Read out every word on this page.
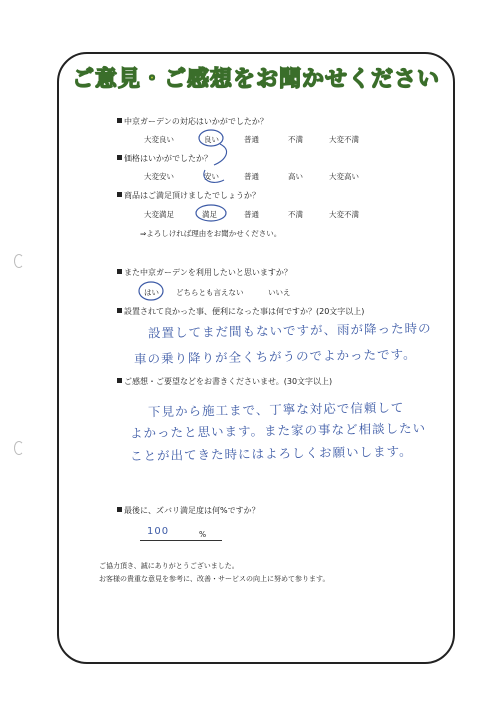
ご意見・ご感想をお聞かせください
中京ガーデンの対応はいかがでしたか？
大変良い	良い	普通	不満	大変不満
価格はいかがでしたか？
大変安い	安い	普通	高い	大変高い
商品はご満足頂けましたでしょうか？
大変満足	満足	普通	不満	大変不満
⇒よろしければ理由をお聞かせください。
また中京ガーデンを利用したいと思いますか？
はい どちらとも言えない	いいえ
設置されて良かった事、便利になった事は何ですか？(20文字以上)
設置してまだ間もないですが、雨が降った時の
車の乗り降りが全くちがうのでよかったです。
ご感想・ご要望などをお書きくださいませ。(30文字以上)
下見から施工まで、丁寧な対応で信頼して
よかったと思います。また家の事など相談したい
ことが出てきた時にはよろしくお願いします。
最後に、ズバリ満足度は何%ですか？
100	%
ご協力頂き、誠にありがとうございました。
お客様の貴重な意見を参考に、改善・サービスの向上に努めて参ります。
